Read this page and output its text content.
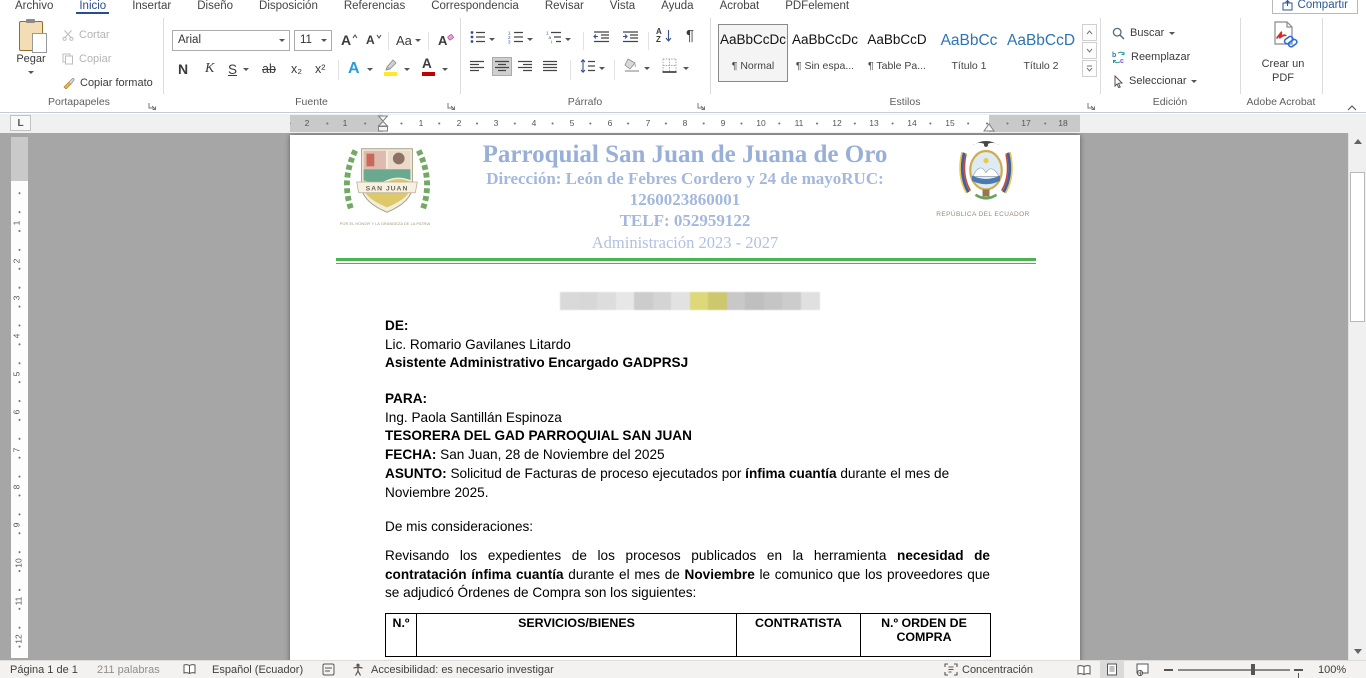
Archivo	Inicio	Insertar	Diseño	Disposición	Referencias	Correspondencia	Revisar	Vista	Ayuda	Acrobat	PDFelement	Compartir
Pegar

Cortar
Copiar
Copiar formato
Portapapeles
Arial	11	A A Aa A
N K S ab x₂ x² A	A
Fuente
1
2
3
1
a
i
A
Z ¶
Párrafo
AaBbCcDc
¶ Normal
AaBbCcDc
¶ Sin espa...
AaBbCcD
¶ Table Pa...
AaBbCc
Título 1
AaBbCcD
Título 2
Estilos
Buscar
b
c Reemplazar
Seleccionar
Edición
Crear un PDF
Adobe Acrobat
L	2	1	1	2	3	4	5	6	7	8	9	10	11	12	13	14	15	17	18
1
2
3
4
5
6
7
8
9
10
11
12
SAN JUAN
POR EL HONOR Y LA GRANDEZA DE LA PATRIA
Parroquial San Juan de Juana de Oro
Dirección: León de Febres Cordero y 24 de mayoRUC:
1260023860001
TELF: 052959122
Administración 2023 - 2027
REPÚBLICA DEL ECUADOR
DE:
Lic. Romario Gavilanes Litardo
Asistente Administrativo Encargado GADPRSJ
PARA:
Ing. Paola Santillán Espinoza
TESORERA DEL GAD PARROQUIAL SAN JUAN
FECHA: San Juan, 28 de Noviembre del 2025
ASUNTO: Solicitud de Facturas de proceso ejecutados por ínfima cuantía durante el mes de Noviembre 2025.
De mis consideraciones:
Revisando los expedientes de los procesos publicados en la herramienta necesidad de contratación ínfima cuantía durante el mes de Noviembre le comunico que los proveedores que se adjudicó Órdenes de Compra son los siguientes:
N.º	SERVICIOS/BIENES	CONTRATISTA	N.º ORDEN DE COMPRA
Página 1 de 1 211 palabras	Español (Ecuador)	Accesibilidad: es necesario investigar	Concentración	100%
